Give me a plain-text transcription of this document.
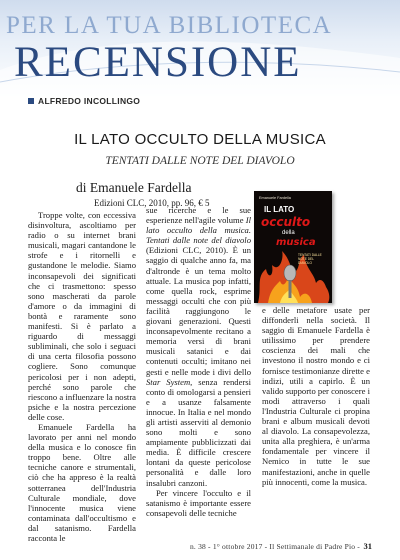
PER LA TUA BIBLIOTECA
RECENSIONE
ALFREDO INCOLLINGO
IL LATO OCCULTO DELLA MUSICA
TENTATI DALLE NOTE DEL DIAVOLO
di Emanuele Fardella
Edizioni CLC, 2010, pp. 96, € 5	Emanuele Fardella
IL LATO
occulto
della
musica
TENTATI DALLE NOTE DEL DIAVOLO

Troppe volte, con eccessiva disinvoltura, ascoltiamo per radio o su internet brani musicali, magari cantandone le strofe e i ritornelli e gustandone le melodie. Siamo inconsapevoli dei significati che ci trasmettono: spesso sono mascherati da parole d'amore o da immagini di bontà e raramente sono manifesti. Si è parlato a riguardo di messaggi subliminali, che solo i seguaci di una certa filosofia possono cogliere. Sono comunque pericolosi per i non adepti, perché sono parole che riescono a influenzare la nostra psiche e la nostra percezione delle cose.

Emanuele Fardella ha lavorato per anni nel mondo della musica e lo conosce fin troppo bene. Oltre alle tecniche canore e strumentali, ciò che ha appreso è la realtà sotterranea dell'Industria Culturale mondiale, dove l'innocente musica viene contaminata dall'occultismo e dal satanismo. Fardella racconta le

sue ricerche e le sue esperienze nell'agile volume Il lato occulto della musica. Tentati dalle note del diavolo (Edizioni CLC, 2010). È un saggio di qualche anno fa, ma d'altronde è un tema molto attuale. La musica pop infatti, come quella rock, esprime messaggi occulti che con più facilità raggiungono le giovani generazioni. Questi inconsapevolmente recitano a memoria versi di brani musicali satanici e dai contenuti occulti; imitano nei gesti e nelle mode i divi dello Star System, senza rendersi conto di omologarsi a pensieri e a usanze falsamente innocue. In Italia e nel mondo gli artisti asserviti al demonio sono molti e sono ampiamente pubblicizzati dai media. È difficile crescere lontani da queste pericolose personalità e dalle loro insalubri canzoni.

Per vincere l'occulto e il satanismo è importante essere consapevoli delle tecniche

e delle metafore usate per diffonderli nella società. Il saggio di Emanuele Fardella è utilissimo per prendere coscienza dei mali che investono il nostro mondo e ci fornisce testimonianze dirette e indizi, utili a capirlo. È un valido supporto per conoscere i modi attraverso i quali l'Industria Culturale ci propina brani e album musicali devoti al diavolo. La consapevolezza, unita alla preghiera, è un'arma fondamentale per vincere il Nemico in tutte le sue manifestazioni, anche in quelle più innocenti, come la musica.

n. 38 - 1° ottobre 2017 - Il Settimanale di Padre Pio - 31
